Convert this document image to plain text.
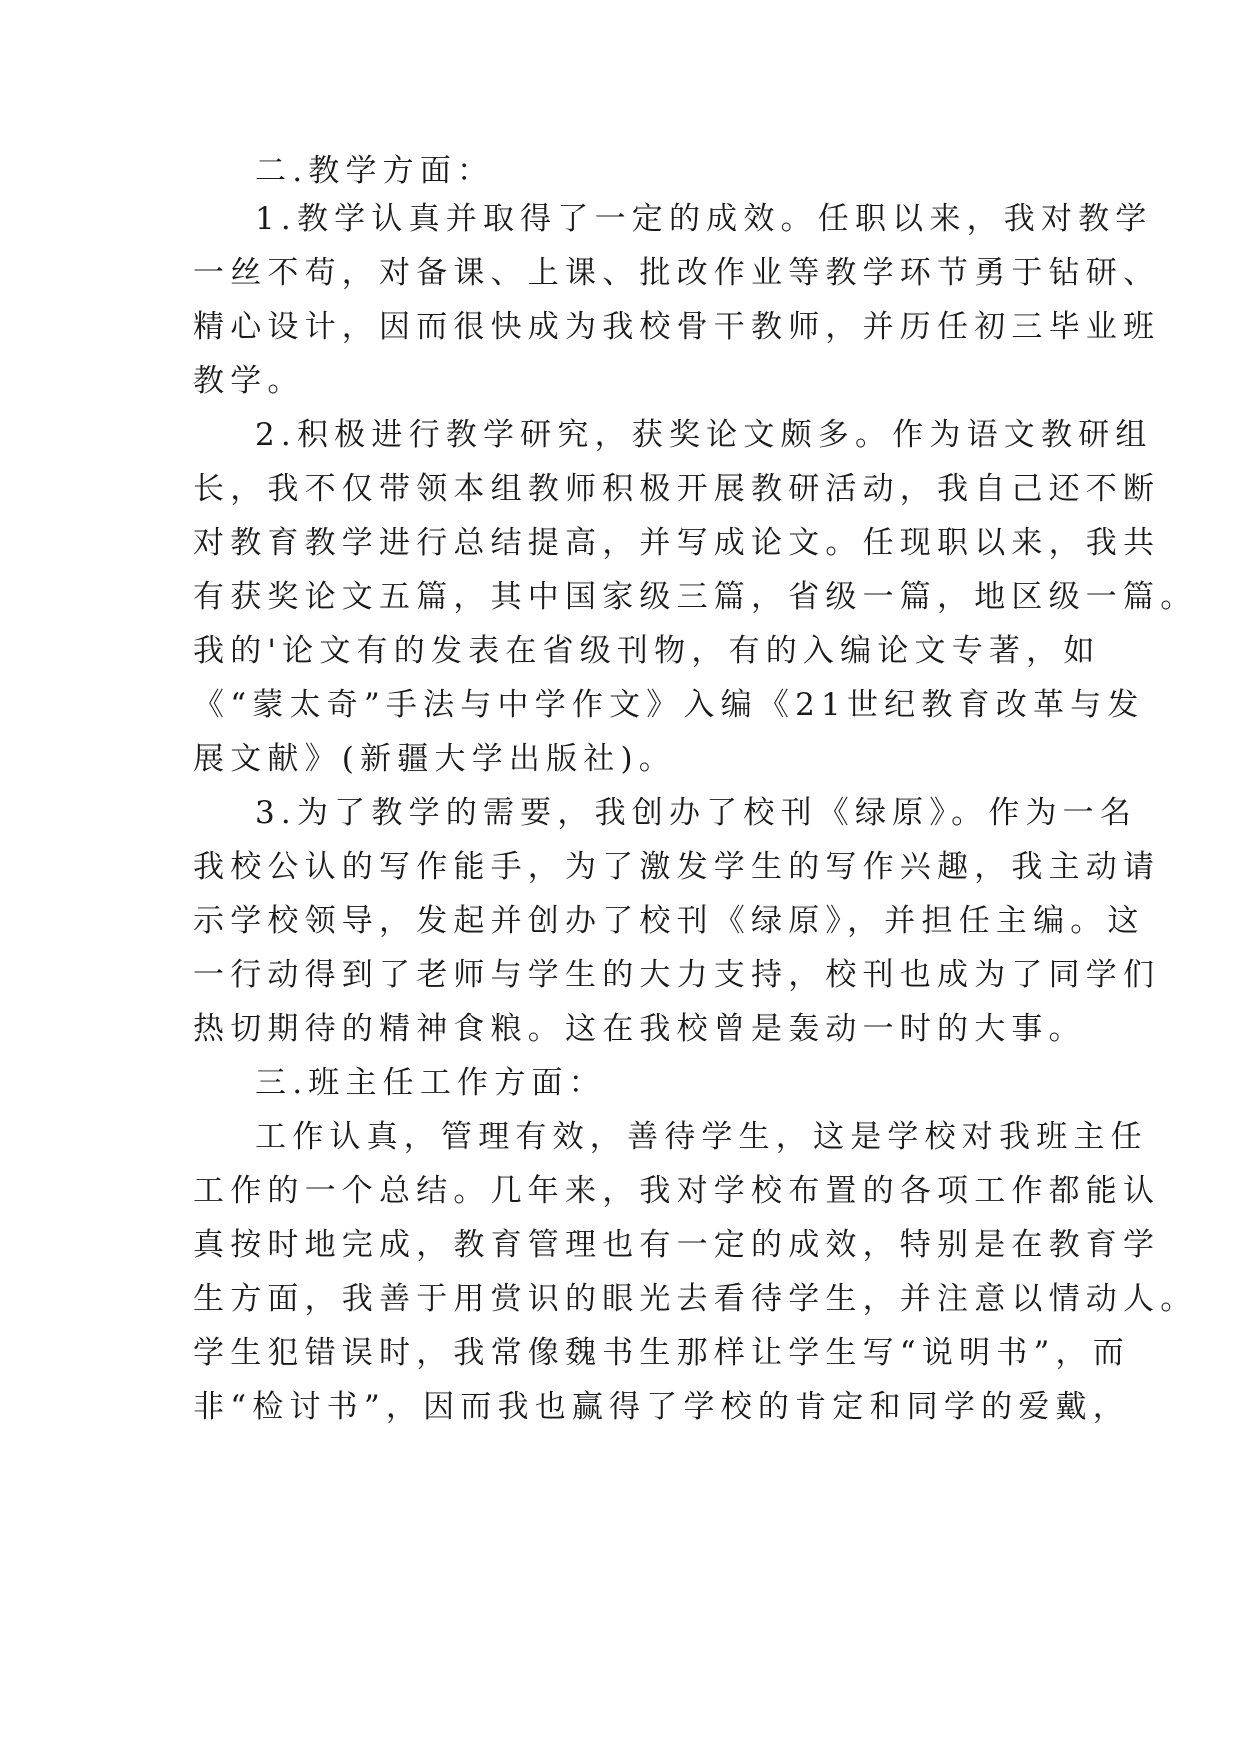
二.教学方面：
1.教学认真并取得了一定的成效。任职以来，我对教学
一丝不苟，对备课、上课、批改作业等教学环节勇于钻研、
精心设计，因而很快成为我校骨干教师，并历任初三毕业班
教学。
2.积极进行教学研究，获奖论文颇多。作为语文教研组
长，我不仅带领本组教师积极开展教研活动，我自己还不断
对教育教学进行总结提高，并写成论文。任现职以来，我共
有获奖论文五篇，其中国家级三篇，省级一篇，地区级一篇。
我的'论文有的发表在省级刊物，有的入编论文专著，如
《“蒙太奇”手法与中学作文》入编《21世纪教育改革与发
展文献》(新疆大学出版社)。
3.为了教学的需要，我创办了校刊《绿原》。作为一名
我校公认的写作能手，为了激发学生的写作兴趣，我主动请
示学校领导，发起并创办了校刊《绿原》，并担任主编。这
一行动得到了老师与学生的大力支持，校刊也成为了同学们
热切期待的精神食粮。这在我校曾是轰动一时的大事。
三.班主任工作方面：
工作认真，管理有效，善待学生，这是学校对我班主任
工作的一个总结。几年来，我对学校布置的各项工作都能认
真按时地完成，教育管理也有一定的成效，特别是在教育学
生方面，我善于用赏识的眼光去看待学生，并注意以情动人。
学生犯错误时，我常像魏书生那样让学生写“说明书”，而
非“检讨书”，因而我也赢得了学校的肯定和同学的爱戴，
